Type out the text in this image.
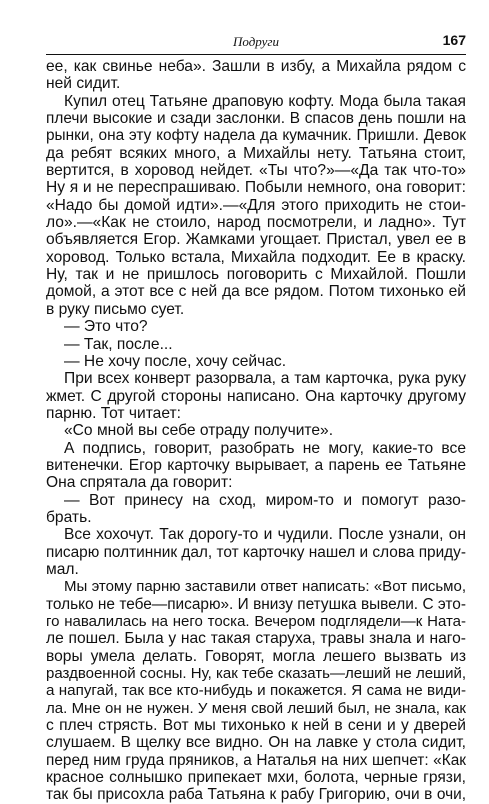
Подруги	167
ее, как свинье неба». Зашли в избу, а Михайла рядом с
ней сидит.
Купил отец Татьяне драповую кофту. Мода была такая
плечи высокие и сзади заслонки. В спасов день пошли на
рынки, она эту кофту надела да кумачник. Пришли. Девок
да ребят всяких много, а Михайлы нету. Татьяна стоит,
вертится, в хоровод нейдет. «Ты что?»—«Да так что-то»
Ну я и не переспрашиваю. Побыли немного, она говорит:
«Надо бы домой идти».—«Для этого приходить не стои-
ло».—«Как не стоило, народ посмотрели, и ладно». Тут
объявляется Егор. Жамками угощает. Пристал, увел ее в
хоровод. Только встала, Михайла подходит. Ее в краску.
Ну, так и не пришлось поговорить с Михайлой. Пошли
домой, а этот все с ней да все рядом. Потом тихонько ей
в руку письмо сует.
— Это что?
— Так, после...
— Не хочу после, хочу сейчас.
При всех конверт разорвала, а там карточка, рука руку
жмет. С другой стороны написано. Она карточку другому
парню. Тот читает:
«Со мной вы себе отраду получите».
А подпись, говорит, разобрать не могу, какие-то все
витенечки. Егор карточку вырывает, а парень ее Татьяне
Она спрятала да говорит:
— Вот принесу на сход, миром-то и помогут разо-
брать.
Все хохочут. Так дорогу-то и чудили. После узнали, он
писарю полтинник дал, тот карточку нашел и слова приду-
мал.
Мы этому парню заставили ответ написать: «Вот письмо,
только не тебе—писарю». И внизу петушка вывели. С это-
го навалилась на него тоска. Вечером подглядели—к Ната-
ле пошел. Была у нас такая старуха, травы знала и наго-
воры умела делать. Говорят, могла лешего вызвать из
раздвоенной сосны. Ну, как тебе сказать—леший не леший,
а напугай, так все кто-нибудь и покажется. Я сама не види-
ла. Мне он не нужен. У меня свой леший был, не знала, как
с плеч стрясть. Вот мы тихонько к ней в сени и у дверей
слушаем. В щелку все видно. Он на лавке у стола сидит,
перед ним груда пряников, а Наталья на них шепчет: «Как
красное солнышко припекает мхи, болота, черные грязи,
так бы присохла раба Татьяна к рабу Григорию, очи в очи,
